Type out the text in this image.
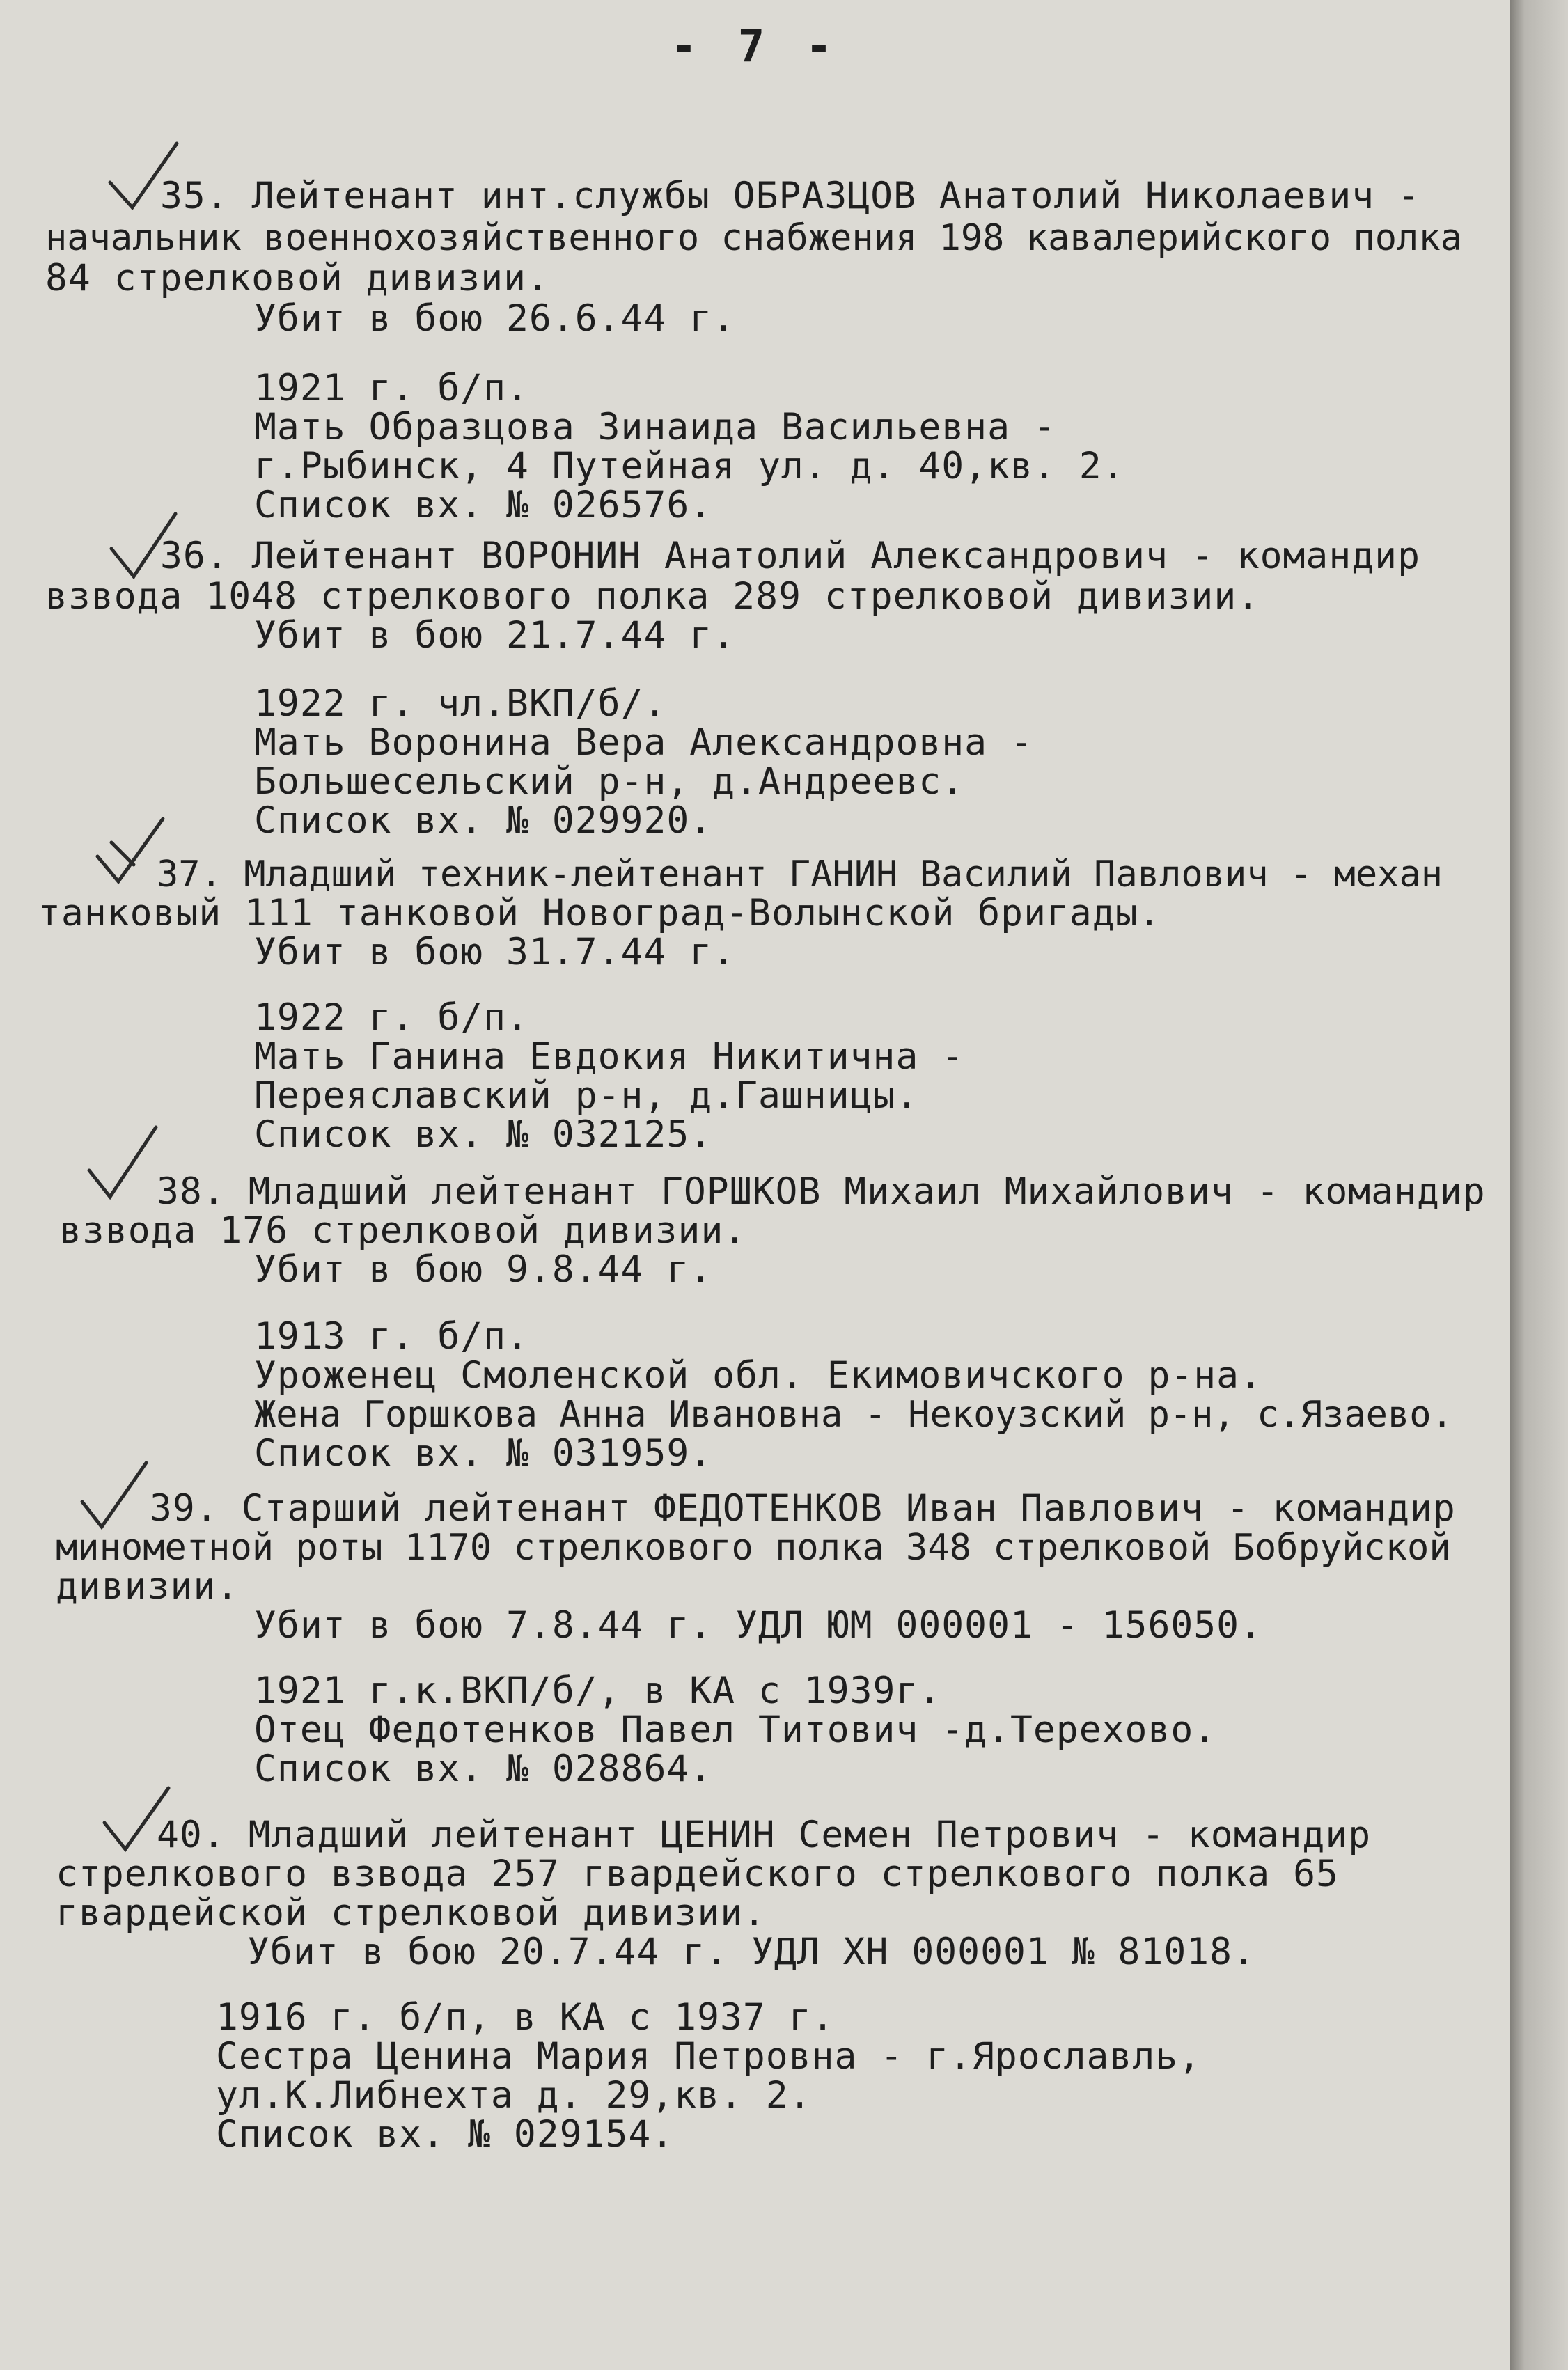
- 7 -
35. Лейтенант инт.службы ОБРАЗЦОВ Анатолий Николаевич -
начальник военнохозяйственного снабжения 198 кавалерийского полка
84 стрелковой дивизии.
Убит в бою 26.6.44 г.
1921 г. б/п.
Мать Образцова Зинаида Васильевна -
г.Рыбинск, 4 Путейная ул. д. 40,кв. 2.
Список вх. № 026576.
36. Лейтенант ВОРОНИН Анатолий Александрович - командир
взвода 1048 стрелкового полка 289 стрелковой дивизии.
Убит в бою 21.7.44 г.
1922 г. чл.ВКП/б/.
Мать Воронина Вера Александровна -
Большесельский р-н, д.Андреевс.
Список вх. № 029920.
37. Младший техник-лейтенант ГАНИН Василий Павлович - механ
танковый 111 танковой Новоград-Волынской бригады.
Убит в бою 31.7.44 г.
1922 г. б/п.
Мать Ганина Евдокия Никитична -
Переяславский р-н, д.Гашницы.
Список вх. № 032125.
38. Младший лейтенант ГОРШКОВ Михаил Михайлович - командир
взвода 176 стрелковой дивизии.
Убит в бою 9.8.44 г.
1913 г. б/п.
Уроженец Смоленской обл. Екимовичского р-на.
Жена Горшкова Анна Ивановна - Некоузский р-н, с.Язаево.
Список вх. № 031959.
39. Старший лейтенант ФЕДОТЕНКОВ Иван Павлович - командир
минометной роты 1170 стрелкового полка 348 стрелковой Бобруйской
дивизии.
Убит в бою 7.8.44 г. УДЛ ЮМ 000001 - 156050.
1921 г.к.ВКП/б/, в КА с 1939г.
Отец Федотенков Павел Титович -д.Терехово.
Список вх. № 028864.
40. Младший лейтенант ЦЕНИН Семен Петрович - командир
стрелкового взвода 257 гвардейского стрелкового полка 65
гвардейской стрелковой дивизии.
Убит в бою 20.7.44 г. УДЛ ХН 000001 № 81018.
1916 г. б/п, в КА с 1937 г.
Сестра Ценина Мария Петровна - г.Ярославль,
ул.К.Либнехта д. 29,кв. 2.
Список вх. № 029154.
